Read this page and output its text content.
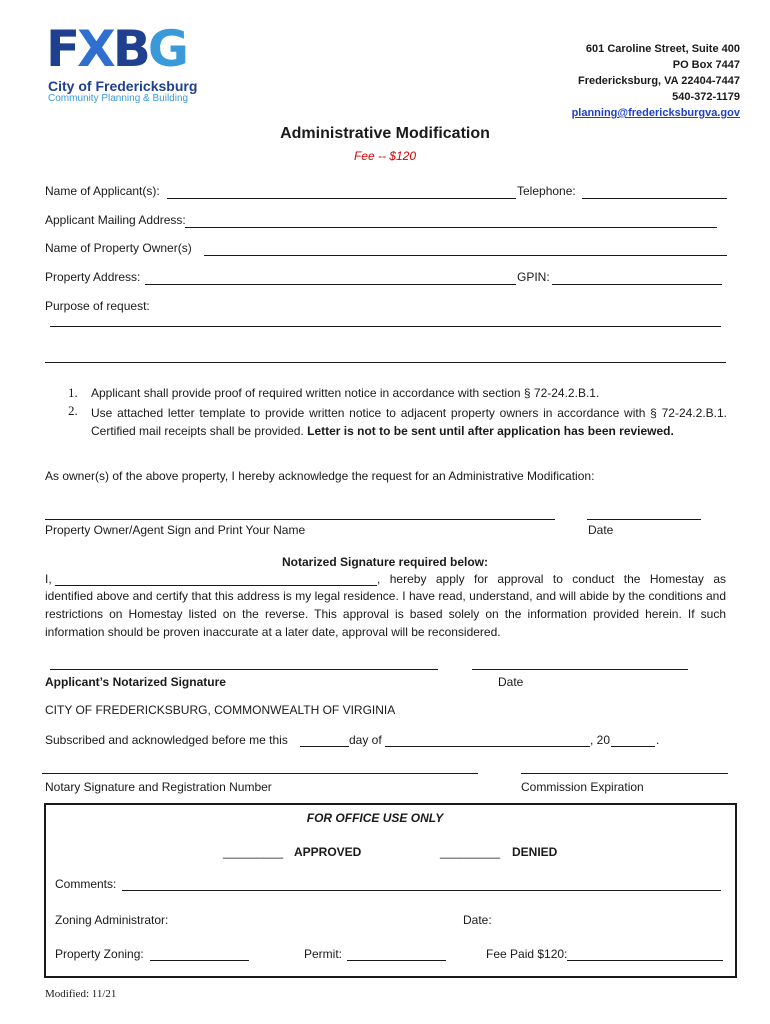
FXBG
City of Fredericksburg
Community Planning & Building
601 Caroline Street, Suite 400
PO Box 7447
Fredericksburg, VA 22404-7447
540-372-1179
planning@fredericksburgva.gov
Administrative Modification
Fee -- $120
Name of Applicant(s):	Telephone:
Applicant Mailing Address:
Name of Property Owner(s)
Property Address:	GPIN:
Purpose of request:
1. Applicant shall provide proof of required written notice in accordance with section § 72-24.2.B.1.
2. Use attached letter template to provide written notice to adjacent property owners in accordance with § 72-24.2.B.1. Certified mail receipts shall be provided. Letter is not to be sent until after application has been reviewed.
As owner(s) of the above property, I hereby acknowledge the request for an Administrative Modification:
Property Owner/Agent Sign and Print Your Name	Date
Notarized Signature required below:
I,	, hereby apply for approval to conduct the Homestay as
identified above and certify that this address is my legal residence. I have read, understand, and will abide by the conditions and restrictions on Homestay listed on the reverse. This approval is based solely on the information provided herein. If such information should be proven inaccurate at a later date, approval will be reconsidered.
Applicant’s Notarized Signature	Date
CITY OF FREDERICKSBURG, COMMONWEALTH OF VIRGINIA
Subscribed and acknowledged before me this	day of	, 20	.
Notary Signature and Registration Number	Commission Expiration
FOR OFFICE USE ONLY
_________ APPROVED	_________ DENIED
Comments:
Zoning Administrator:	Date:
Property Zoning:	Permit:	Fee Paid $120:
Modified: 11/21
